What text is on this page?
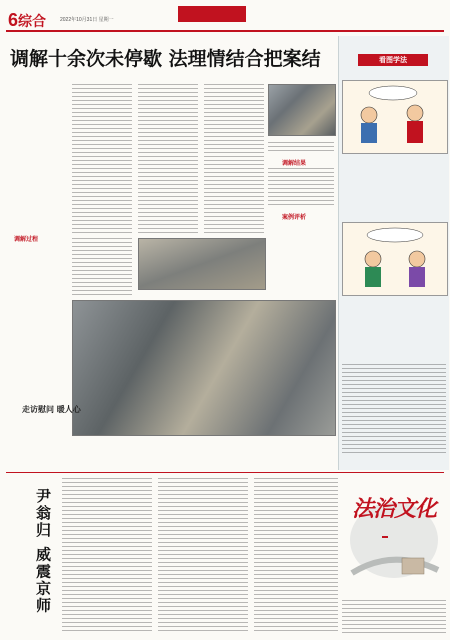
6综合	2022年10月31日 星期一
调解十余次未停歇 法理情结合把案结
调解过程
调解结果
案例评析
走访慰问 暖人心
看图学法
尹翁归 威震京师	法治文化
